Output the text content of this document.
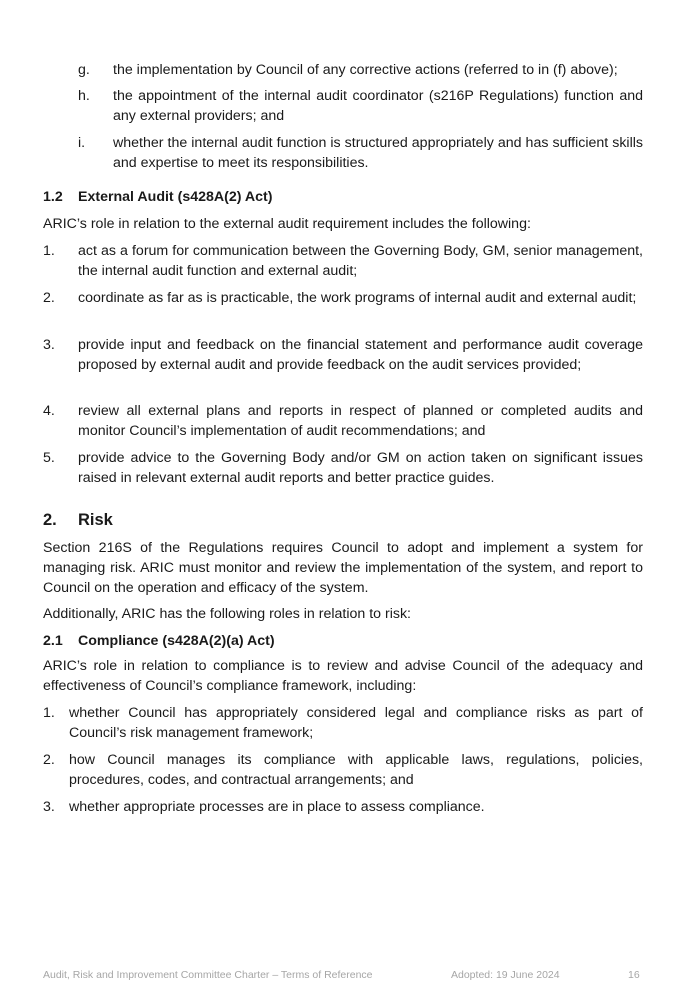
g. the implementation by Council of any corrective actions (referred to in (f) above);
h. the appointment of the internal audit coordinator (s216P Regulations) function and any external providers; and
i. whether the internal audit function is structured appropriately and has sufficient skills and expertise to meet its responsibilities.
1.2 External Audit (s428A(2) Act)
ARIC’s role in relation to the external audit requirement includes the following:
1. act as a forum for communication between the Governing Body, GM, senior management, the internal audit function and external audit;
2. coordinate as far as is practicable, the work programs of internal audit and external audit;
3. provide input and feedback on the financial statement and performance audit coverage proposed by external audit and provide feedback on the audit services provided;
4. review all external plans and reports in respect of planned or completed audits and monitor Council’s implementation of audit recommendations; and
5. provide advice to the Governing Body and/or GM on action taken on significant issues raised in relevant external audit reports and better practice guides.
2. Risk
Section 216S of the Regulations requires Council to adopt and implement a system for managing risk. ARIC must monitor and review the implementation of the system, and report to Council on the operation and efficacy of the system.
Additionally, ARIC has the following roles in relation to risk:
2.1 Compliance (s428A(2)(a) Act)
ARIC’s role in relation to compliance is to review and advise Council of the adequacy and effectiveness of Council’s compliance framework, including:
1. whether Council has appropriately considered legal and compliance risks as part of Council’s risk management framework;
2. how Council manages its compliance with applicable laws, regulations, policies, procedures, codes, and contractual arrangements; and
3. whether appropriate processes are in place to assess compliance.
Audit, Risk and Improvement Committee Charter – Terms of Reference	Adopted: 19 June 2024	16
